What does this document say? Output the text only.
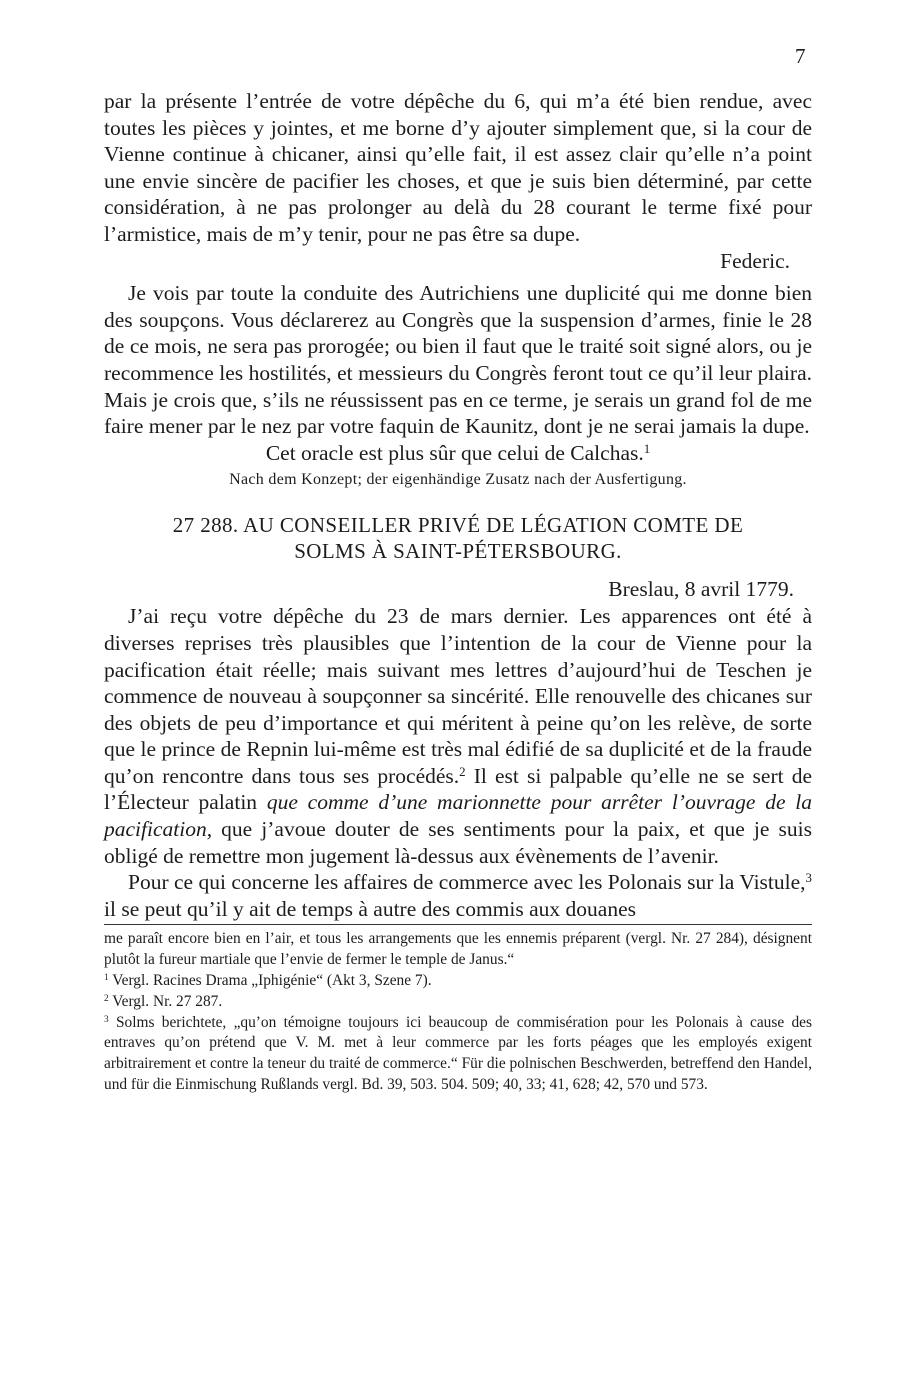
7

par la présente l’entrée de votre dépêche du 6, qui m’a été bien rendue, avec toutes les pièces y jointes, et me borne d’y ajouter simplement que, si la cour de Vienne continue à chicaner, ainsi qu’elle fait, il est assez clair qu’elle n’a point une envie sincère de pacifier les choses, et que je suis bien déterminé, par cette considération, à ne pas prolonger au delà du 28 courant le terme fixé pour l’armistice, mais de m’y tenir, pour ne pas être sa dupe.

Federic.

Je vois par toute la conduite des Autrichiens une duplicité qui me donne bien des soupçons. Vous déclarerez au Congrès que la suspension d’armes, finie le 28 de ce mois, ne sera pas prorogée; ou bien il faut que le traité soit signé alors, ou je recommence les hostilités, et messieurs du Congrès feront tout ce qu’il leur plaira. Mais je crois que, s’ils ne réussissent pas en ce terme, je serais un grand fol de me faire mener par le nez par votre faquin de Kaunitz, dont je ne serai jamais la dupe.

Cet oracle est plus sûr que celui de Calchas.$^1$

Nach dem Konzept; der eigenhändige Zusatz nach der Ausfertigung.

27 288. AU CONSEILLER PRIVÉ DE LÉGATION COMTE DE

SOLMS À SAINT-PÉTERSBOURG.

Breslau, 8 avril 1779.

J’ai reçu votre dépêche du 23 de mars dernier. Les apparences ont été à diverses reprises très plausibles que l’intention de la cour de Vienne pour la pacification était réelle; mais suivant mes lettres d’aujourd’hui de Teschen je commence de nouveau à soupçonner sa sincérité. Elle renouvelle des chicanes sur des objets de peu d’importance et qui méritent à peine qu’on les relève, de sorte que le prince de Repnin lui-même est très mal édifié de sa duplicité et de la fraude qu’on rencontre dans tous ses procédés.$^2$ Il est si palpable qu’elle ne se sert de l’Électeur palatin que comme d’une marionnette pour arrêter l’ouvrage de la pacification, que j’avoue douter de ses sentiments pour la paix, et que je suis obligé de remettre mon jugement là-dessus aux évènements de l’avenir.

Pour ce qui concerne les affaires de commerce avec les Polonais sur la Vistule,$^3$ il se peut qu’il y ait de temps à autre des commis aux douanes

me paraît encore bien en l’air, et tous les arrangements que les ennemis préparent (vergl. Nr. 27 284), désignent plutôt la fureur martiale que l’envie de fermer le temple de Janus.“

$^1$ Vergl. Racines Drama „Iphigénie“ (Akt 3, Szene 7).

$^2$ Vergl. Nr. 27 287.

$^3$ Solms berichtete, „qu’on témoigne toujours ici beaucoup de commisération pour les Polonais à cause des entraves qu’on prétend que V. M. met à leur commerce par les forts péages que les employés exigent arbitrairement et contre la teneur du traité de commerce.“ Für die polnischen Beschwerden, betreffend den Handel, und für die Einmischung Rußlands vergl. Bd. 39, 503. 504. 509; 40, 33; 41, 628; 42, 570 und 573.
